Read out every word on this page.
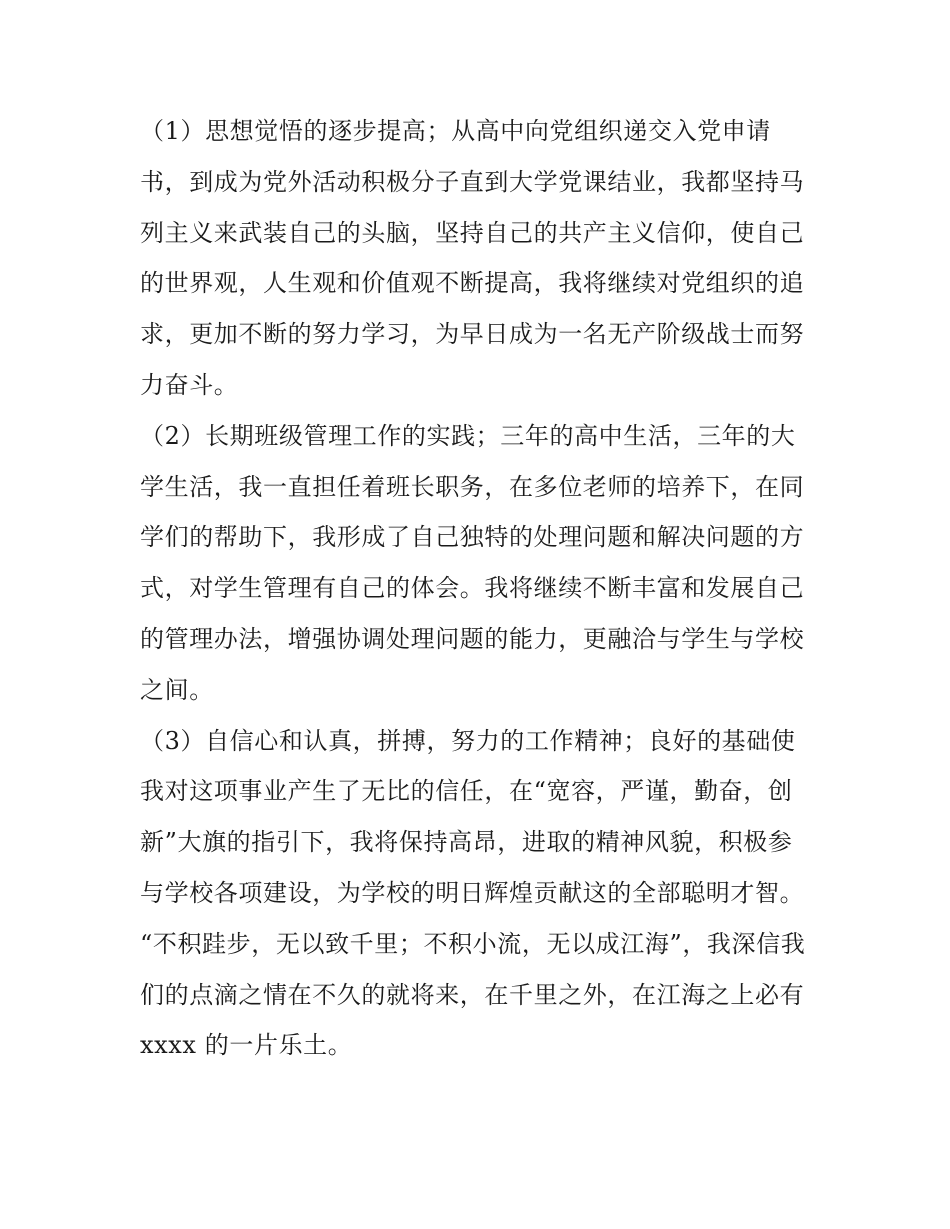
（1）思想觉悟的逐步提高；从高中向党组织递交入党申请
书，到成为党外活动积极分子直到大学党课结业，我都坚持马
列主义来武装自己的头脑，坚持自己的共产主义信仰，使自己
的世界观，人生观和价值观不断提高，我将继续对党组织的追
求，更加不断的努力学习，为早日成为一名无产阶级战士而努
力奋斗。
（2）长期班级管理工作的实践；三年的高中生活，三年的大
学生活，我一直担任着班长职务，在多位老师的培养下，在同
学们的帮助下，我形成了自己独特的处理问题和解决问题的方
式，对学生管理有自己的体会。我将继续不断丰富和发展自己
的管理办法，增强协调处理问题的能力，更融洽与学生与学校
之间。
（3）自信心和认真，拼搏，努力的工作精神；良好的基础使
我对这项事业产生了无比的信任，在“宽容，严谨，勤奋，创
新”大旗的指引下，我将保持高昂，进取的精神风貌，积极参
与学校各项建设，为学校的明日辉煌贡献这的全部聪明才智。
“不积跬步，无以致千里；不积小流，无以成江海”，我深信我
们的点滴之情在不久的就将来，在千里之外，在江海之上必有
xxxx 的一片乐土。
